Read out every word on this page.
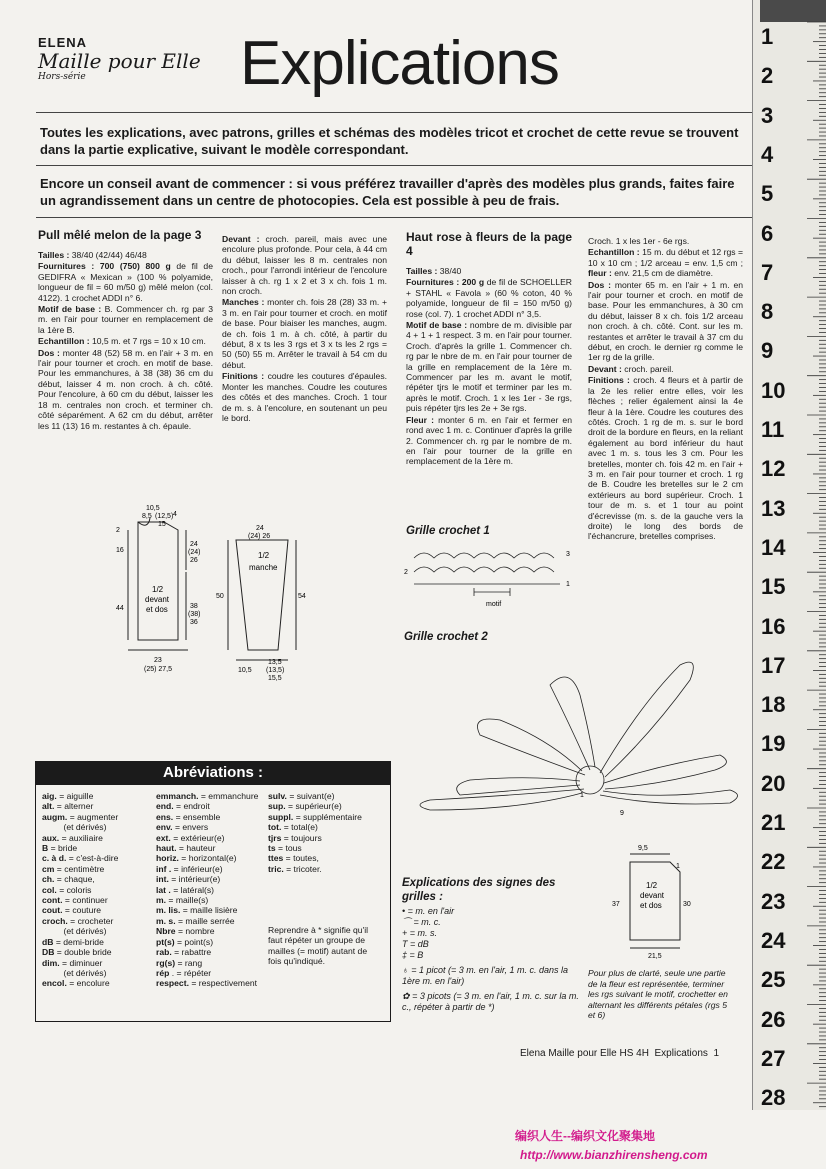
ELENA
Maille pour Elle
Hors-série	Explications
Toutes les explications, avec patrons, grilles et schémas des modèles tricot et crochet de cette revue se trouvent dans la partie explicative, suivant le modèle correspondant.
Encore un conseil avant de commencer : si vous préférez travailler d'après des modèles plus grands, faites faire un agrandissement dans un centre de photocopies. Cela est possible à peu de frais.
Pull mêlé melon de la page 3
Tailles : 38/40 (42/44) 46/48
Fournitures : 700 (750) 800 g de fil de GEDIFRA « Mexican » (100 % polyamide, longueur de fil = 60 m/50 g) mêlé melon (col. 4122). 1 crochet ADDI n° 6.
Motif de base : B. Commencer ch. rg par 3 m. en l'air pour tourner en remplacement de la 1ère B.
Echantillon : 10,5 m. et 7 rgs = 10 x 10 cm.
Dos : monter 48 (52) 58 m. en l'air + 3 m. en l'air pour tourner et croch. en motif de base. Pour les emmanchures, à 38 (38) 36 cm du début, laisser 4 m. non croch. à ch. côté. Pour l'encolure, à 60 cm du début, laisser les 18 m. centrales non croch. et terminer ch. côté séparément. A 62 cm du début, arrêter les 11 (13) 16 m. restantes à ch. épaule.
Devant : croch. pareil, mais avec une encolure plus profonde. Pour cela, à 44 cm du début, laisser les 8 m. centrales non croch., pour l'arrondi intérieur de l'encolure laisser à ch. rg 1 x 2 et 3 x ch. fois 1 m. non croch.
Manches : monter ch. fois 28 (28) 33 m. + 3 m. en l'air pour tourner et croch. en motif de base. Pour biaiser les manches, augm. de ch. fois 1 m. à ch. côté, à partir du début, 8 x ts les 3 rgs et 3 x ts les 2 rgs = 50 (50) 55 m. Arrêter le travail à 54 cm du début.
Finitions : coudre les coutures d'épaules. Monter les manches. Coudre les coutures des côtés et des manches. Croch. 1 tour de m. s. à l'encolure, en soutenant un peu le bord.
10,5
8,5 (12,5)
15
4
2
16
44
24
(24)
26
38
(38)
36
1/2
devant
et dos
23
(25) 27,5
24
(24) 26
1/2
manche
50	54
10,5
13,5
(13,5)
15,5
Haut rose à fleurs de la page 4
Tailles : 38/40
Fournitures : 200 g de fil de SCHOELLER + STAHL « Favola » (60 % coton, 40 % polyamide, longueur de fil = 150 m/50 g) rose (col. 7). 1 crochet ADDI n° 3,5.
Motif de base : nombre de m. divisible par 4 + 1 + 1 respect. 3 m. en l'air pour tourner. Croch. d'après la grille 1. Commencer ch. rg par le nbre de m. en l'air pour tourner de la grille en remplacement de la 1ère m. Commencer par les m. avant le motif, répéter tjrs le motif et terminer par les m. après le motif. Croch. 1 x les 1er - 3e rgs, puis répéter tjrs les 2e + 3e rgs.
Fleur : monter 6 m. en l'air et fermer en rond avec 1 m. c. Continuer d'après la grille 2. Commencer ch. rg par le nombre de m. en l'air pour tourner de la grille en remplacement de la 1ère m.
Croch. 1 x les 1er - 6e rgs.
Echantillon : 15 m. du début et 12 rgs = 10 x 10 cm ; 1/2 arceau = env. 1,5 cm ; fleur : env. 21,5 cm de diamètre.
Dos : monter 65 m. en l'air + 1 m. en l'air pour tourner et croch. en motif de base. Pour les emmanchures, à 30 cm du début, laisser 8 x ch. fois 1/2 arceau non croch. à ch. côté. Cont. sur les m. restantes et arrêter le travail à 37 cm du début, en croch. le dernier rg comme le 1er rg de la grille.
Devant : croch. pareil.
Finitions : croch. 4 fleurs et à partir de la 2e les relier entre elles, voir les flèches ; relier également ainsi la 4e fleur à la 1ère. Coudre les coutures des côtés. Croch. 1 rg de m. s. sur le bord droit de la bordure en fleurs, en la reliant également au bord inférieur du haut avec 1 m. s. tous les 3 cm. Pour les bretelles, monter ch. fois 42 m. en l'air + 3 m. en l'air pour tourner et croch. 1 rg de B. Coudre les bretelles sur le 2 cm extérieurs au bord supérieur. Croch. 1 tour de m. s. et 1 tour au point d'écrevisse (m. s. de la gauche vers la droite) le long des bords de l'échancrure, bretelles comprises.
Grille crochet 1
3
2
1
motif
Grille crochet 2
1
9
20
9,5
1
37	30
21,5
1/2
devant
et dos
Abréviations :
aig. = aiguille
alt. = alterner
augm. = augmenter
(et dérivés)
aux. = auxiliaire
B = bride
c. à d. = c'est-à-dire
cm = centimètre
ch. = chaque,
col. = coloris
cont. = continuer
cout. = couture
croch. = crocheter
(et dérivés)
dB = demi-bride
DB = double bride
dim. = diminuer
(et dérivés)
encol. = encolure
emmanch. = emmanchure
end. = endroit
ens. = ensemble
env. = envers
ext. = extérieur(e)
haut. = hauteur
horiz. = horizontal(e)
inf . = inférieur(e)
int. = intérieur(e)
lat . = latéral(s)
m. = maille(s)
m. lis. = maille lisière
m. s. = maille serrée
Nbre = nombre
pt(s) = point(s)
rab. = rabattre
rg(s) = rang
rép . = répéter
respect. = respectivement
sulv. = suivant(e)
sup. = supérieur(e)
suppl. = supplémentaire
tot. = total(e)
tjrs = toujours
ts = tous
ttes = toutes,
tric. = tricoter.
Reprendre à * signifie qu'il faut répéter un groupe de mailles (= motif) autant de fois qu'indiqué.
Explications des signes des grilles :
• = m. en l'air
⌒ = m. c.
+ = m. s.
T = dB
‡ = B
♁ = 1 picot (= 3 m. en l'air, 1 m. c. dans la 1ère m. en l'air)
✿ = 3 picots (= 3 m. en l'air, 1 m. c. sur la m. c., répéter à partir de *)
Pour plus de clarté, seule une partie de la fleur est représentée, terminer les rgs suivant le motif, crochetter en alternant les différents pétales (rgs 5 et 6)
Elena Maille pour Elle HS 4H Explications 1
编织人生--编织文化聚集地
http://www.bianzhirensheng.com
1
2
3
4
5
6
7
8
9
10
11
12
13
14
15
16
17
18
19
20
21
22
23
24
25
26
27
28
